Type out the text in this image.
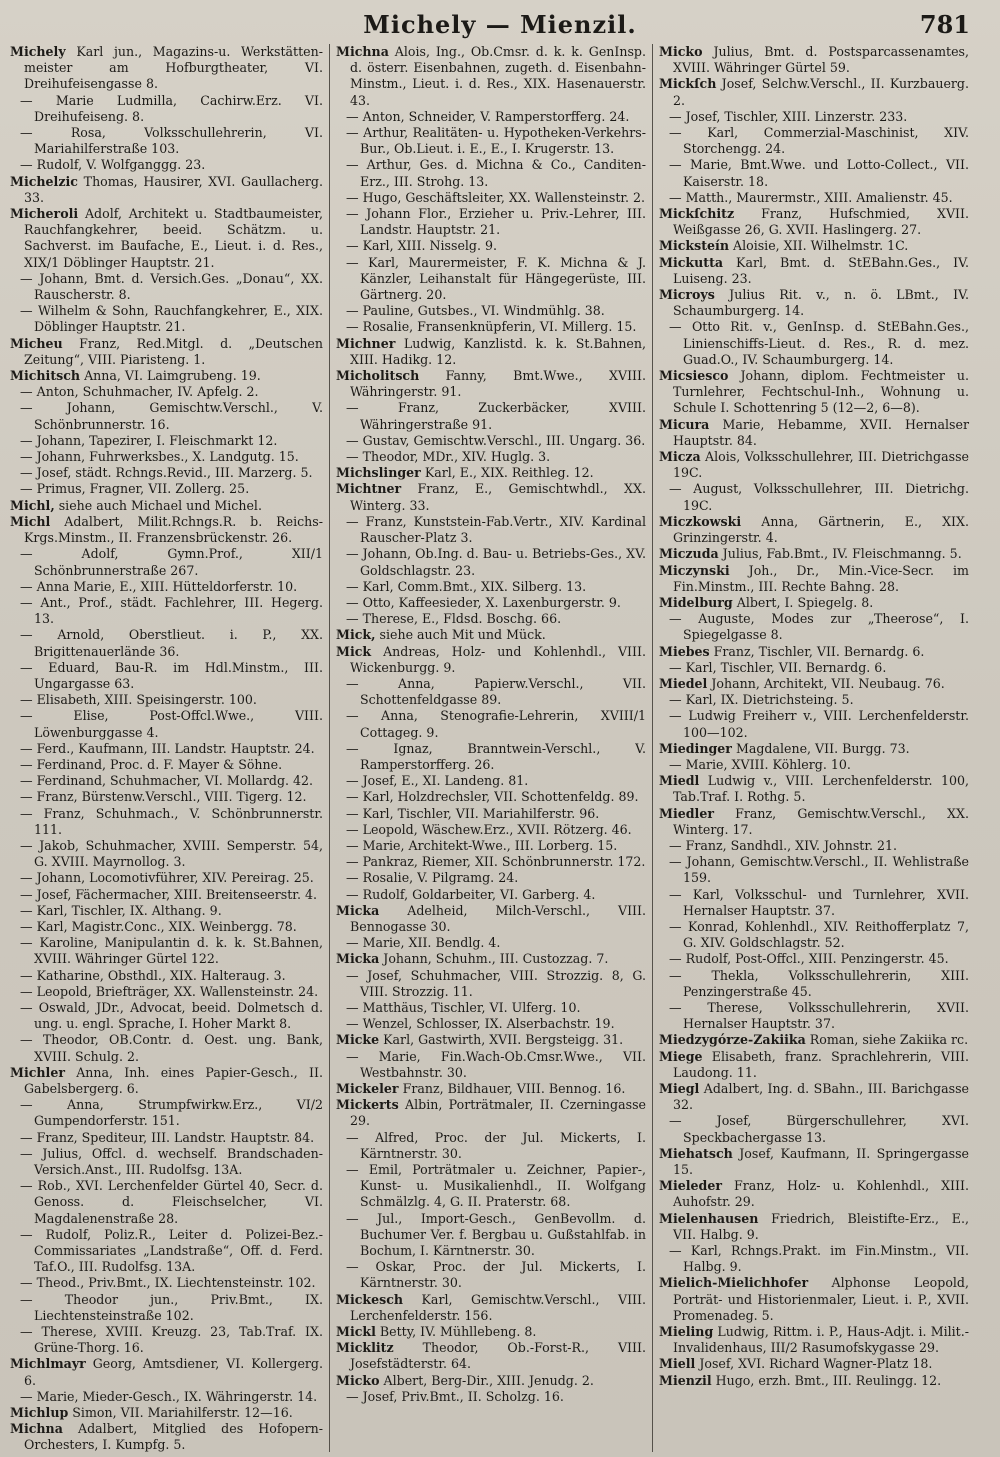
Michely — Mienzil.	781

Michely Karl jun., Magazins-u. Werkstätten-meister am Hofburgtheater, VI. Dreihufeisengasse 8.

— Marie Ludmilla, Cachirw.Erz. VI. Dreihufeiseng. 8.

— Rosa, Volksschullehrerin, VI. Mariahilferstraße 103.

— Rudolf, V. Wolfganggg. 23.

Michelzic Thomas, Hausirer, XVI. Gaullacherg. 33.

Micheroli Adolf, Architekt u. Stadtbaumeister, Rauchfangkehrer, beeid. Schätzm. u. Sachverst. im Baufache, E., Lieut. i. d. Res., XIX/1 Döblinger Hauptstr. 21.

— Johann, Bmt. d. Versich.Ges. „Donau“, XX. Rauscherstr. 8.

— Wilhelm & Sohn, Rauchfangkehrer, E., XIX. Döblinger Hauptstr. 21.

Micheu Franz, Red.Mitgl. d. „Deutschen Zeitung“, VIII. Piaristeng. 1.

Michitsch Anna, VI. Laimgrubeng. 19.

— Anton, Schuhmacher, IV. Apfelg. 2.

— Johann, Gemischtw.Verschl., V. Schönbrunnerstr. 16.

— Johann, Tapezirer, I. Fleischmarkt 12.

— Johann, Fuhrwerksbes., X. Landgutg. 15.

— Josef, städt. Rchngs.Revid., III. Marzerg. 5.

— Primus, Fragner, VII. Zollerg. 25.

Michl, siehe auch Michael und Michel.

Michl Adalbert, Milit.Rchngs.R. b. Reichs-Krgs.Minstm., II. Franzensbrückenstr. 26.

— Adolf, Gymn.Prof., XII/1 Schönbrunnerstraße 267.

— Anna Marie, E., XIII. Hütteldorferstr. 10.

— Ant., Prof., städt. Fachlehrer, III. Hegerg. 13.

— Arnold, Oberstlieut. i. P., XX. Brigittenauerlände 36.

— Eduard, Bau-R. im Hdl.Minstm., III. Ungargasse 63.

— Elisabeth, XIII. Speisingerstr. 100.

— Elise, Post-Offcl.Wwe., VIII. Löwenburggasse 4.

— Ferd., Kaufmann, III. Landstr. Hauptstr. 24.

— Ferdinand, Proc. d. F. Mayer & Söhne.

— Ferdinand, Schuhmacher, VI. Mollardg. 42.

— Franz, Bürstenw.Verschl., VIII. Tigerg. 12.

— Franz, Schuhmach., V. Schönbrunnerstr. 111.

— Jakob, Schuhmacher, XVIII. Semperstr. 54, G. XVIII. Mayrnollog. 3.

— Johann, Locomotivführer, XIV. Pereirag. 25.

— Josef, Fächermacher, XIII. Breitenseerstr. 4.

— Karl, Tischler, IX. Althang. 9.

— Karl, Magistr.Conc., XIX. Weinbergg. 78.

— Karoline, Manipulantin d. k. k. St.Bahnen, XVIII. Währinger Gürtel 122.

— Katharine, Obsthdl., XIX. Halteraug. 3.

— Leopold, Briefträger, XX. Wallensteinstr. 24.

— Oswald, JDr., Advocat, beeid. Dolmetsch d. ung. u. engl. Sprache, I. Hoher Markt 8.

— Theodor, OB.Contr. d. Oest. ung. Bank, XVIII. Schulg. 2.

Michler Anna, Inh. eines Papier-Gesch., II. Gabelsbergerg. 6.

— Anna, Strumpfwirkw.Erz., VI/2 Gumpendorferstr. 151.

— Franz, Spediteur, III. Landstr. Hauptstr. 84.

— Julius, Offcl. d. wechself. Brandschaden-Versich.Anst., III. Rudolfsg. 13A.

— Rob., XVI. Lerchenfelder Gürtel 40, Secr. d. Genoss. d. Fleischselcher, VI. Magdalenenstraße 28.

— Rudolf, Poliz.R., Leiter d. Polizei-Bez.-Commissariates „Landstraße“, Off. d. Ferd. Taf.O., III. Rudolfsg. 13A.

— Theod., Priv.Bmt., IX. Liechtensteinstr. 102.

— Theodor jun., Priv.Bmt., IX. Liechtensteinstraße 102.

— Therese, XVIII. Kreuzg. 23, Tab.Traf. IX. Grüne-Thorg. 16.

Michlmayr Georg, Amtsdiener, VI. Kollergerg. 6.

— Marie, Mieder-Gesch., IX. Währingerstr. 14.

Michlup Simon, VII. Mariahilferstr. 12—16.

Michna Adalbert, Mitglied des Hofopern-Orchesters, I. Kumpfg. 5.

Michna Alois, Ing., Ob.Cmsr. d. k. k. GenInsp. d. österr. Eisenbahnen, zugeth. d. Eisenbahn-Minstm., Lieut. i. d. Res., XIX. Hasenauerstr. 43.

— Anton, Schneider, V. Ramperstorfferg. 24.

— Arthur, Realitäten- u. Hypotheken-Verkehrs-Bur., Ob.Lieut. i. E., E., I. Krugerstr. 13.

— Arthur, Ges. d. Michna & Co., Canditen-Erz., III. Strohg. 13.

— Hugo, Geschäftsleiter, XX. Wallensteinstr. 2.

— Johann Flor., Erzieher u. Priv.-Lehrer, III. Landstr. Hauptstr. 21.

— Karl, XIII. Nisselg. 9.

— Karl, Maurermeister, F. K. Michna & J. Känzler, Leihanstalt für Hängegerüste, III. Gärtnerg. 20.

— Pauline, Gutsbes., VI. Windmühlg. 38.

— Rosalie, Fransenknüpferin, VI. Millerg. 15.

Michner Ludwig, Kanzlistd. k. k. St.Bahnen, XIII. Hadikg. 12.

Micholitsch Fanny, Bmt.Wwe., XVIII. Währingerstr. 91.

— Franz, Zuckerbäcker, XVIII. Währingerstraße 91.

— Gustav, Gemischtw.Verschl., III. Ungarg. 36.

— Theodor, MDr., XIV. Huglg. 3.

Michslinger Karl, E., XIX. Reithleg. 12.

Michtner Franz, E., Gemischtwhdl., XX. Winterg. 33.

— Franz, Kunststein-Fab.Vertr., XIV. Kardinal Rauscher-Platz 3.

— Johann, Ob.Ing. d. Bau- u. Betriebs-Ges., XV. Goldschlagstr. 23.

— Karl, Comm.Bmt., XIX. Silberg. 13.

— Otto, Kaffeesieder, X. Laxenburgerstr. 9.

— Therese, E., Fldsd. Boschg. 66.

Mick, siehe auch Mit und Mück.

Mick Andreas, Holz- und Kohlenhdl., VIII. Wickenburgg. 9.

— Anna, Papierw.Verschl., VII. Schottenfeldgasse 89.

— Anna, Stenografie-Lehrerin, XVIII/1 Cottageg. 9.

— Ignaz, Branntwein-Verschl., V. Ramperstorfferg. 26.

— Josef, E., XI. Landeng. 81.

— Karl, Holzdrechsler, VII. Schottenfeldg. 89.

— Karl, Tischler, VII. Mariahilferstr. 96.

— Leopold, Wäschew.Erz., XVII. Rötzerg. 46.

— Marie, Architekt-Wwe., III. Lorberg. 15.

— Pankraz, Riemer, XII. Schönbrunnerstr. 172.

— Rosalie, V. Pilgramg. 24.

— Rudolf, Goldarbeiter, VI. Garberg. 4.

Micka Adelheid, Milch-Verschl., VIII. Bennogasse 30.

— Marie, XII. Bendlg. 4.

Micka Johann, Schuhm., III. Custozzag. 7.

— Josef, Schuhmacher, VIII. Strozzig. 8, G. VIII. Strozzig. 11.

— Matthäus, Tischler, VI. Ulferg. 10.

— Wenzel, Schlosser, IX. Alserbachstr. 19.

Micke Karl, Gastwirth, XVII. Bergsteigg. 31.

— Marie, Fin.Wach-Ob.Cmsr.Wwe., VII. Westbahnstr. 30.

Mickeler Franz, Bildhauer, VIII. Bennog. 16.

Mickerts Albin, Porträtmaler, II. Czerningasse 29.

— Alfred, Proc. der Jul. Mickerts, I. Kärntnerstr. 30.

— Emil, Porträtmaler u. Zeichner, Papier-, Kunst- u. Musikalienhdl., II. Wolfgang Schmälzlg. 4, G. II. Praterstr. 68.

— Jul., Import-Gesch., GenBevollm. d. Buchumer Ver. f. Bergbau u. Gußstahlfab. in Bochum, I. Kärntnerstr. 30.

— Oskar, Proc. der Jul. Mickerts, I. Kärntnerstr. 30.

Mickesch Karl, Gemischtw.Verschl., VIII. Lerchenfelderstr. 156.

Mickl Betty, IV. Mühllebeng. 8.

Micklitz Theodor, Ob.-Forst-R., VIII. Josefstädterstr. 64.

Micko Albert, Berg-Dir., XIII. Jenudg. 2.

— Josef, Priv.Bmt., II. Scholzg. 16.

Micko Julius, Bmt. d. Postsparcassenamtes, XVIII. Währinger Gürtel 59.

Mickſch Josef, Selchw.Verschl., II. Kurzbauerg. 2.

— Josef, Tischler, XIII. Linzerstr. 233.

— Karl, Commerzial-Maschinist, XIV. Storchengg. 24.

— Marie, Bmt.Wwe. und Lotto-Collect., VII. Kaiserstr. 18.

— Matth., Maurermstr., XIII. Amalienstr. 45.

Mickſchitz Franz, Hufschmied, XVII. Weißgasse 26, G. XVII. Haslingerg. 27.

Micksteín Aloisie, XII. Wilhelmstr. 1C.

Mickutta Karl, Bmt. d. StEBahn.Ges., IV. Luiseng. 23.

Microys Julius Rit. v., n. ö. LBmt., IV. Schaumburgerg. 14.

— Otto Rit. v., GenInsp. d. StEBahn.Ges., Linienschiffs-Lieut. d. Res., R. d. mez. Guad.O., IV. Schaumburgerg. 14.

Micsiesco Johann, diplom. Fechtmeister u. Turnlehrer, Fechtschul-Inh., Wohnung u. Schule I. Schottenring 5 (12—2, 6—8).

Micura Marie, Hebamme, XVII. Hernalser Hauptstr. 84.

Micza Alois, Volksschullehrer, III. Dietrichgasse 19C.

— August, Volksschullehrer, III. Dietrichg. 19C.

Miczkowski Anna, Gärtnerin, E., XIX. Grinzingerstr. 4.

Miczuda Julius, Fab.Bmt., IV. Fleischmanng. 5.

Miczynski Joh., Dr., Min.-Vice-Secr. im Fin.Minstm., III. Rechte Bahng. 28.

Midelburg Albert, I. Spiegelg. 8.

— Auguste, Modes zur „Theerose“, I. Spiegelgasse 8.

Miebes Franz, Tischler, VII. Bernardg. 6.

— Karl, Tischler, VII. Bernardg. 6.

Miedel Johann, Architekt, VII. Neubaug. 76.

— Karl, IX. Dietrichsteing. 5.

— Ludwig Freiherr v., VIII. Lerchenfelderstr. 100—102.

Miedinger Magdalene, VII. Burgg. 73.

— Marie, XVIII. Köhlerg. 10.

Miedl Ludwig v., VIII. Lerchenfelderstr. 100, Tab.Traf. I. Rothg. 5.

Miedler Franz, Gemischtw.Verschl., XX. Winterg. 17.

— Franz, Sandhdl., XIV. Johnstr. 21.

— Johann, Gemischtw.Verschl., II. Wehlistraße 159.

— Karl, Volksschul- und Turnlehrer, XVII. Hernalser Hauptstr. 37.

— Konrad, Kohlenhdl., XIV. Reithofferplatz 7, G. XIV. Goldschlagstr. 52.

— Rudolf, Post-Offcl., XIII. Penzingerstr. 45.

— Thekla, Volksschullehrerin, XIII. Penzingerstraße 45.

— Therese, Volksschullehrerin, XVII. Hernalser Hauptstr. 37.

Miedzygórze-Zakiika Roman, siehe Zakiika rc.

Miege Elisabeth, franz. Sprachlehrerin, VIII. Laudong. 11.

Miegl Adalbert, Ing. d. SBahn., III. Barichgasse 32.

— Josef, Bürgerschullehrer, XVI. Speckbachergasse 13.

Miehatsch Josef, Kaufmann, II. Springergasse 15.

Mieleder Franz, Holz- u. Kohlenhdl., XIII. Auhofstr. 29.

Mielenhausen Friedrich, Bleistifte-Erz., E., VII. Halbg. 9.

— Karl, Rchngs.Prakt. im Fin.Minstm., VII. Halbg. 9.

Mielich-Mielichhofer Alphonse Leopold, Porträt- und Historienmaler, Lieut. i. P., XVII. Promenadeg. 5.

Mieling Ludwig, Rittm. i. P., Haus-Adjt. i. Milit.-Invalidenhaus, III/2 Rasumofskygasse 29.

Miell Josef, XVI. Richard Wagner-Platz 18.

Mienzil Hugo, erzh. Bmt., III. Reulingg. 12.
